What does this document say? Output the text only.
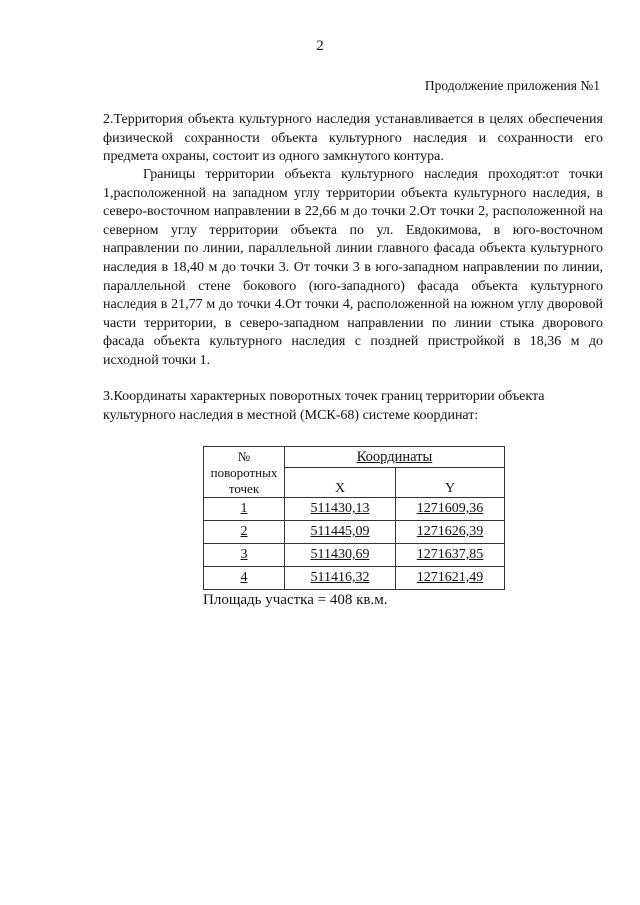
2
Продолжение приложения №1
2.Территория объекта культурного наследия устанавливается в целях обеспечения физической сохранности объекта культурного наследия и сохранности его предмета охраны, состоит из одного замкнутого контура.
Границы территории объекта культурного наследия проходят:от точки 1,расположенной на западном углу территории объекта культурного наследия, в северо-восточном направлении в 22,66 м до точки 2.От точки 2, расположенной на северном углу территории объекта по ул. Евдокимова, в юго-восточном направлении по линии, параллельной линии главного фасада объекта культурного наследия в 18,40 м до точки 3. От точки 3 в юго-западном направлении по линии, параллельной стене бокового (юго-западного) фасада объекта культурного наследия в 21,77 м до точки 4.От точки 4, расположенной на южном углу дворовой части территории, в северо-западном направлении по линии стыка дворового фасада объекта культурного наследия с поздней пристройкой в 18,36 м до исходной точки 1.
3.Координаты характерных поворотных точек границ территории объекта культурного наследия в местной (МСК-68) системе координат:
№ поворотных точек	Координаты	
	X	Y
1	511430,13	1271609,36
2	511445,09	1271626,39
3	511430,69	1271637,85
4	511416,32	1271621,49
Площадь участка = 408 кв.м.
